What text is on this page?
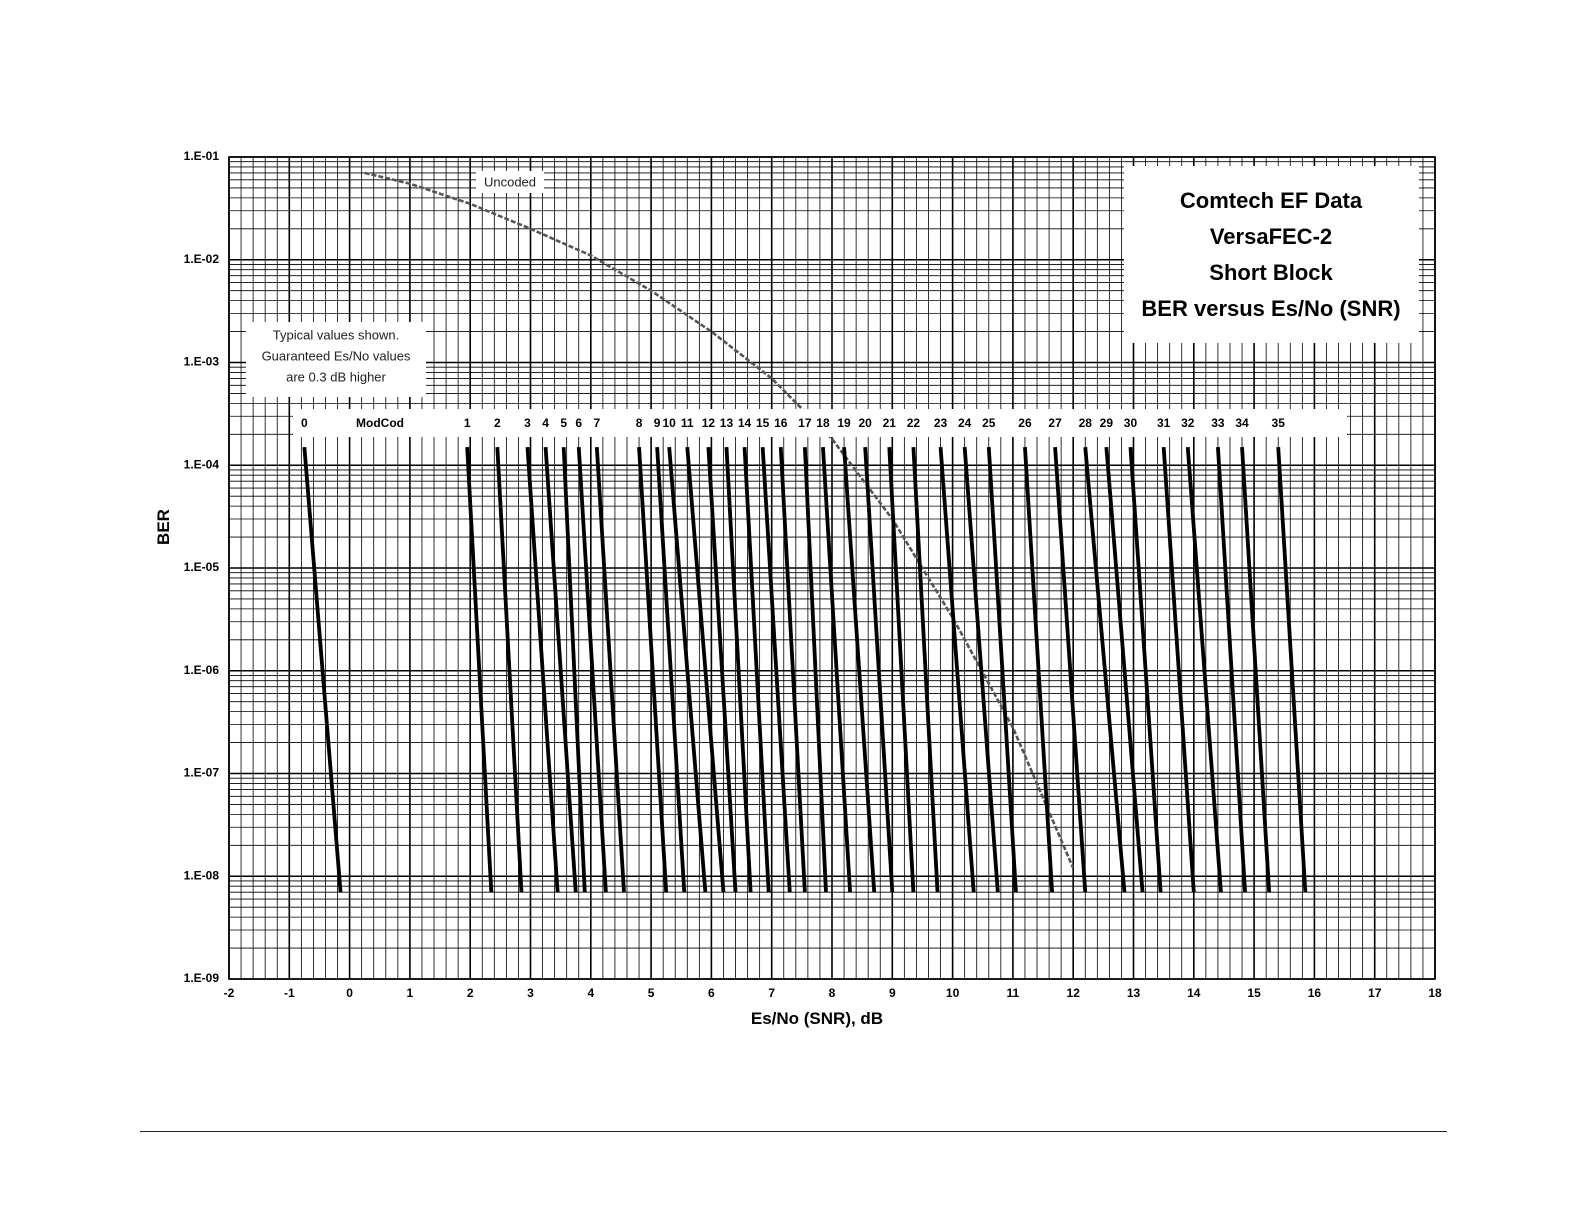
0	1 2 3 4 5 6 7	8 9 10 11 12 13 14 15 16 17 18 19 20 21 22 23 24 25 26 27 28 29 30 31 32 33 34 35
ModCod
-2	-1	0	1	2	3	4	5	6	7	8	9	10	11	12	13	14	15	16	17	18
1.E-09
1.E-08
1.E-07
1.E-06
1.E-05
1.E-04
1.E-03
1.E-02
1.E-01
Es/No (SNR), dB
BER
Comtech EF Data
VersaFEC-2
Short Block
BER versus Es/No (SNR)
Uncoded
Typical values shown.
Guaranteed Es/No values
are 0.3 dB higher
